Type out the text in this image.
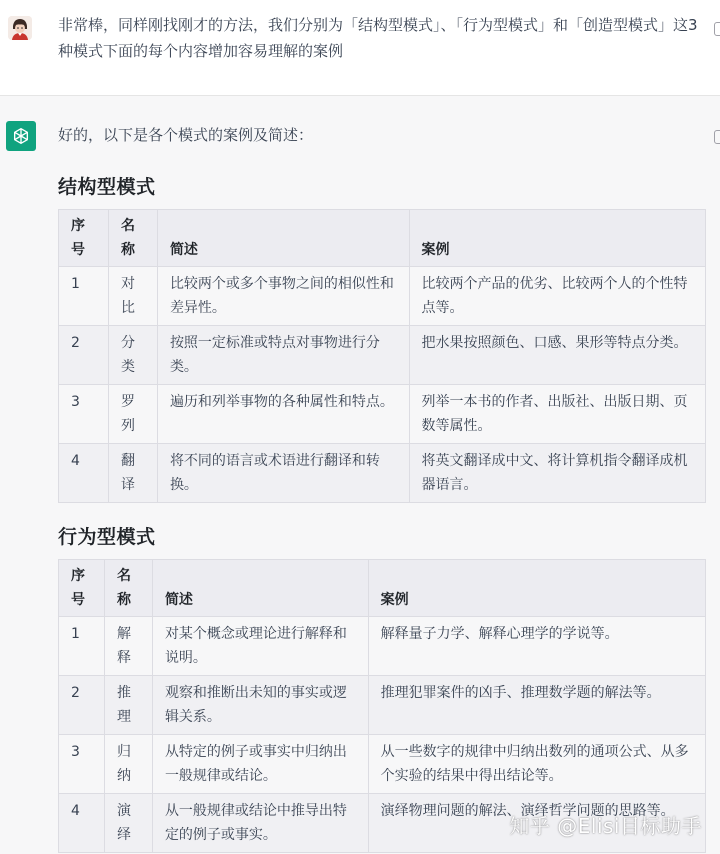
非常棒，同样刚找刚才的方法，我们分别为「结构型模式」、「行为型模式」和「创造型模式」这3种模式下面的每个内容增加容易理解的案例
好的，以下是各个模式的案例及简述：
结构型模式
序号	名称	简述	案例
1	对比	比较两个或多个事物之间的相似性和差异性。	比较两个产品的优劣、比较两个人的个性特点等。
2	分类	按照一定标准或特点对事物进行分类。	把水果按照颜色、口感、果形等特点分类。
3	罗列	遍历和列举事物的各种属性和特点。	列举一本书的作者、出版社、出版日期、页数等属性。
4	翻译	将不同的语言或术语进行翻译和转换。	将英文翻译成中文、将计算机指令翻译成机器语言。
行为型模式
序号	名称	简述	案例
1	解释	对某个概念或理论进行解释和说明。	解释量子力学、解释心理学的学说等。
2	推理	观察和推断出未知的事实或逻辑关系。	推理犯罪案件的凶手、推理数学题的解法等。
3	归纳	从特定的例子或事实中归纳出一般规律或结论。	从一些数字的规律中归纳出数列的通项公式、从多个实验的结果中得出结论等。
4	演绎	从一般规律或结论中推导出特定的例子或事实。	演绎物理问题的解法、演绎哲学问题的思路等。
知乎 @Elisi目标助手
